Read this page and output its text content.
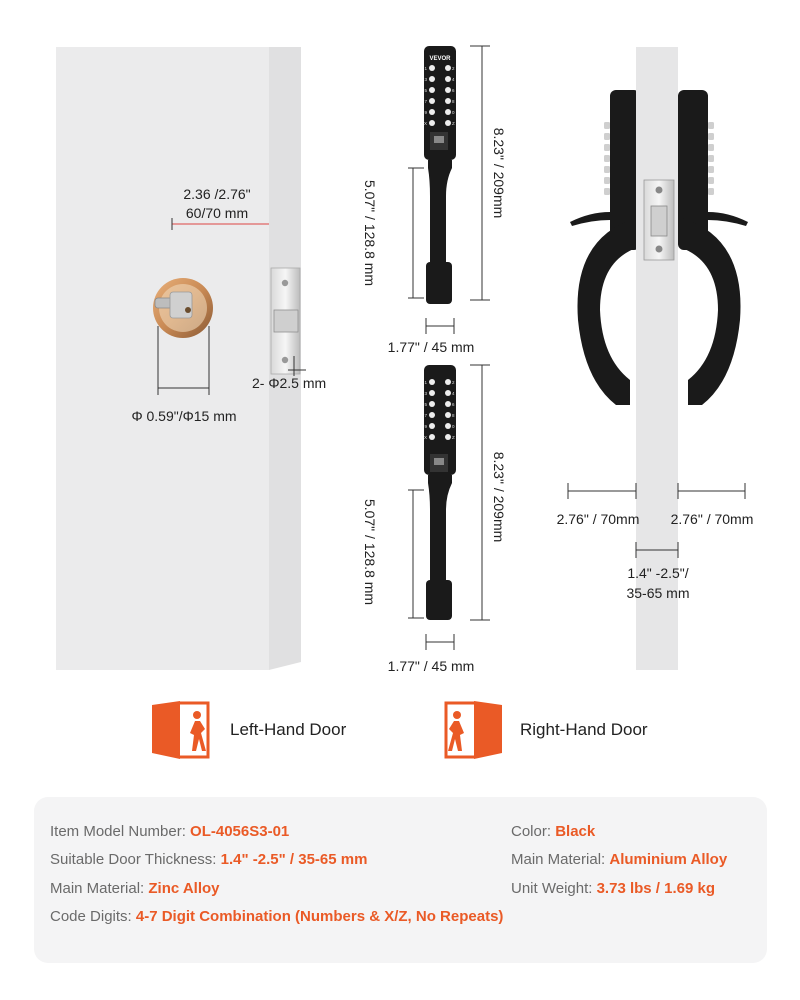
2.36 /2.76"
60/70 mm
Φ 0.59"/Φ15 mm
2- Φ2.5 mm
VEVOR
1	2
3	4
5	6
7	8
9	0
X	Z
8.23" / 209mm
5.07" / 128.8 mm
1.77" / 45 mm
1	2
3	4
5	6
7	8
9	0
X	Z
8.23" / 209mm
5.07" / 128.8 mm
1.77" / 45 mm
2.76" / 70mm 2.76" / 70mm
1.4" -2.5"/
35-65 mm
Left-Hand Door	Right-Hand Door
Item Model Number: OL-4056S3-01
Suitable Door Thickness: 1.4" -2.5" / 35-65 mm
Main Material: Zinc Alloy
Code Digits: 4-7 Digit Combination (Numbers & X/Z, No Repeats)
Color: Black
Main Material: Aluminium Alloy
Unit Weight: 3.73 lbs / 1.69 kg
